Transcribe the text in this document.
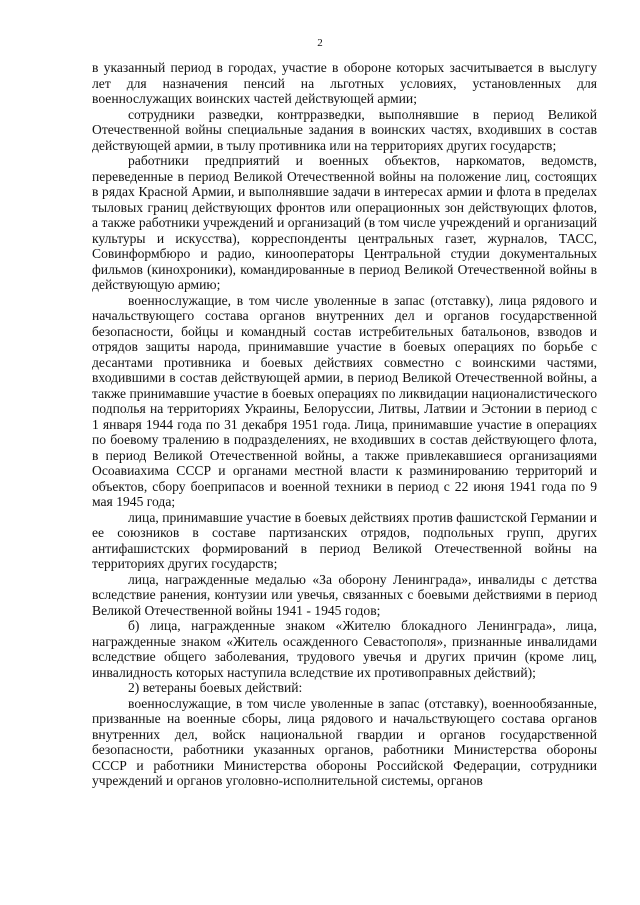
2

в указанный период в городах, участие в обороне которых засчитывается в выслугу лет для назначения пенсий на льготных условиях, установленных для военнослужащих воинских частей действующей армии;

сотрудники разведки, контрразведки, выполнявшие в период Великой Отечественной войны специальные задания в воинских частях, входивших в состав действующей армии, в тылу противника или на территориях других государств;

работники предприятий и военных объектов, наркоматов, ведомств, переведенные в период Великой Отечественной войны на положение лиц, состоящих в рядах Красной Армии, и выполнявшие задачи в интересах армии и флота в пределах тыловых границ действующих фронтов или операционных зон действующих флотов, а также работники учреждений и организаций (в том числе учреждений и организаций культуры и искусства), корреспонденты центральных газет, журналов, ТАСС, Совинформбюро и радио, кинооператоры Центральной студии документальных фильмов (кинохроники), командированные в период Великой Отечественной войны в действующую армию;

военнослужащие, в том числе уволенные в запас (отставку), лица рядового и начальствующего состава органов внутренних дел и органов государственной безопасности, бойцы и командный состав истребительных батальонов, взводов и отрядов защиты народа, принимавшие участие в боевых операциях по борьбе с десантами противника и боевых действиях совместно с воинскими частями, входившими в состав действующей армии, в период Великой Отечественной войны, а также принимавшие участие в боевых операциях по ликвидации националистического подполья на территориях Украины, Белоруссии, Литвы, Латвии и Эстонии в период с 1 января 1944 года по 31 декабря 1951 года. Лица, принимавшие участие в операциях по боевому тралению в подразделениях, не входивших в состав действующего флота, в период Великой Отечественной войны, а также привлекавшиеся организациями Осоавиахима СССР и органами местной власти к разминированию территорий и объектов, сбору боеприпасов и военной техники в период с 22 июня 1941 года по 9 мая 1945 года;

лица, принимавшие участие в боевых действиях против фашистской Германии и ее союзников в составе партизанских отрядов, подпольных групп, других антифашистских формирований в период Великой Отечественной войны на территориях других государств;

лица, награжденные медалью «За оборону Ленинграда», инвалиды с детства вследствие ранения, контузии или увечья, связанных с боевыми действиями в период Великой Отечественной войны 1941 - 1945 годов;

б) лица, награжденные знаком «Жителю блокадного Ленинграда», лица, награжденные знаком «Житель осажденного Севастополя», признанные инвалидами вследствие общего заболевания, трудового увечья и других причин (кроме лиц, инвалидность которых наступила вследствие их противоправных действий);

2) ветераны боевых действий:

военнослужащие, в том числе уволенные в запас (отставку), военнообязанные, призванные на военные сборы, лица рядового и начальствующего состава органов внутренних дел, войск национальной гвардии и органов государственной безопасности, работники указанных органов, работники Министерства обороны СССР и работники Министерства обороны Российской Федерации, сотрудники учреждений и органов уголовно-исполнительной системы, органов
